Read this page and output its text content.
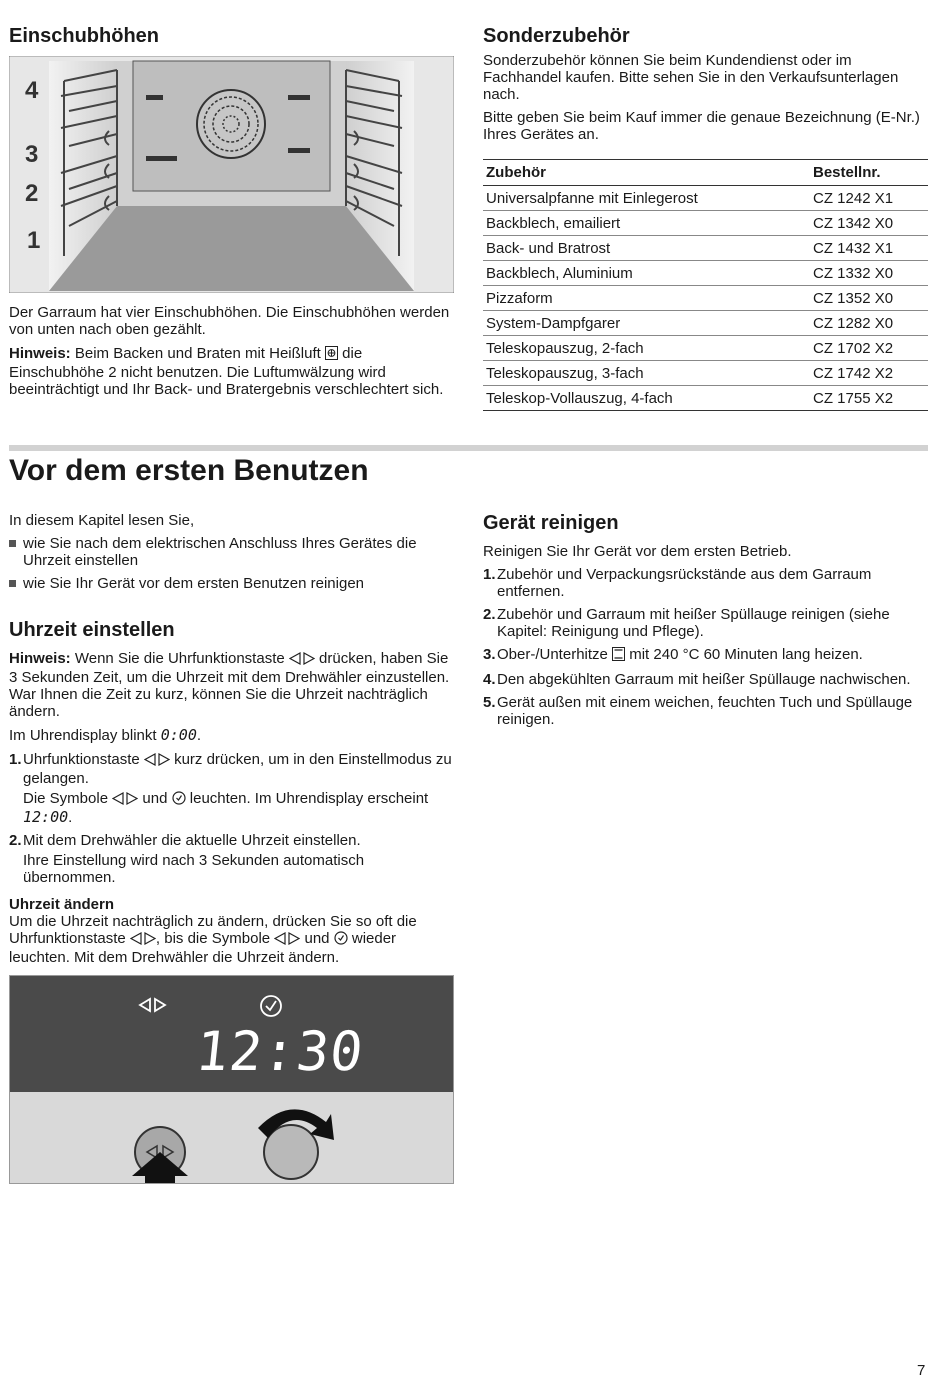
Einschubhöhen
4
3
2
1

Der Garraum hat vier Einschubhöhen. Die Einschubhöhen werden von unten nach oben gezählt.

Hinweis: Beim Backen und Braten mit Heißluft die Einschubhöhe 2 nicht benutzen. Die Luftumwälzung wird beeinträchtigt und Ihr Back- und Bratergebnis verschlechtert sich.

Sonderzubehör

Sonderzubehör können Sie beim Kundendienst oder im Fachhandel kaufen. Bitte sehen Sie in den Verkaufsunterlagen nach.

Bitte geben Sie beim Kauf immer die genaue Bezeichnung (E-Nr.) Ihres Gerätes an.

Zubehör	Bestellnr.
Universalpfanne mit Einlegerost	CZ 1242 X1
Backblech, emailiert	CZ 1342 X0
Back- und Bratrost	CZ 1432 X1
Backblech, Aluminium	CZ 1332 X0
Pizzaform	CZ 1352 X0
System-Dampfgarer	CZ 1282 X0
Teleskopauszug, 2-fach	CZ 1702 X2
Teleskopauszug, 3-fach	CZ 1742 X2
Teleskop-Vollauszug, 4-fach	CZ 1755 X2
Vor dem ersten Benutzen

In diesem Kapitel lesen Sie,

wie Sie nach dem elektrischen Anschluss Ihres Gerätes die Uhrzeit einstellen
wie Sie Ihr Gerät vor dem ersten Benutzen reinigen
Uhrzeit einstellen

Hinweis: Wenn Sie die Uhrfunktionstaste drücken, haben Sie 3 Sekunden Zeit, um die Uhrzeit mit dem Drehwähler einzustellen. War Ihnen die Zeit zu kurz, können Sie die Uhrzeit nachträglich ändern.

Im Uhrendisplay blinkt 0:00.

1. Uhrfunktionstaste kurz drücken, um in den Einstellmodus zu gelangen.

Die Symbole und leuchten. Im Uhrendisplay erscheint 12:00.

2. Mit dem Drehwähler die aktuelle Uhrzeit einstellen.

Ihre Einstellung wird nach 3 Sekunden automatisch übernommen.

Uhrzeit ändern

Um die Uhrzeit nachträglich zu ändern, drücken Sie so oft die Uhrfunktionstaste , bis die Symbole und wieder leuchten. Mit dem Drehwähler die Uhrzeit ändern.

12:30
Gerät reinigen

Reinigen Sie Ihr Gerät vor dem ersten Betrieb.

1. Zubehör und Verpackungsrückstände aus dem Garraum entfernen.
2. Zubehör und Garraum mit heißer Spüllauge reinigen (siehe Kapitel: Reinigung und Pflege).
3. Ober-/Unterhitze mit 240 °C 60 Minuten lang heizen.
4. Den abgekühlten Garraum mit heißer Spüllauge nachwischen.
5. Gerät außen mit einem weichen, feuchten Tuch und Spüllauge reinigen.
7
